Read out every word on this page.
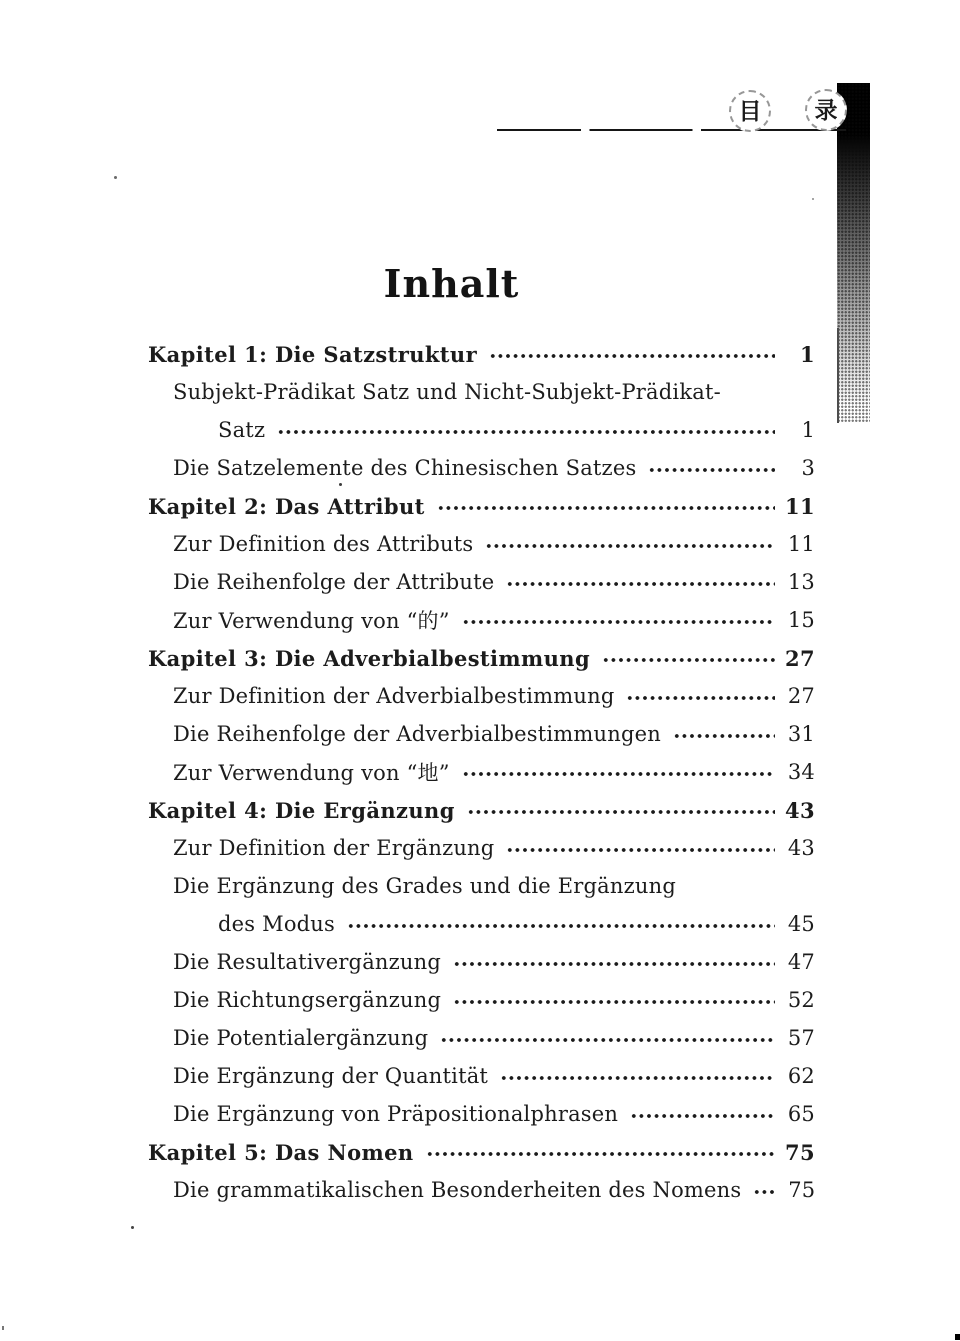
目 录
Inhalt
Kapitel 1: Die Satzstruktur	1
Subjekt-Prädikat Satz und Nicht-Subjekt-Prädikat-
Satz	1
Die Satzelemente des Chinesischen Satzes	3
Kapitel 2: Das Attribut	11
Zur Definition des Attributs	11
Die Reihenfolge der Attribute	13
Zur Verwendung von “的”	15
Kapitel 3: Die Adverbialbestimmung	27
Zur Definition der Adverbialbestimmung	27
Die Reihenfolge der Adverbialbestimmungen	31
Zur Verwendung von “地”	34
Kapitel 4: Die Ergänzung	43
Zur Definition der Ergänzung	43
Die Ergänzung des Grades und die Ergänzung
des Modus	45
Die Resultativergänzung	47
Die Richtungsergänzung	52
Die Potentialergänzung	57
Die Ergänzung der Quantität	62
Die Ergänzung von Präpositionalphrasen	65
Kapitel 5: Das Nomen	75
Die grammatikalischen Besonderheiten des Nomens 75
